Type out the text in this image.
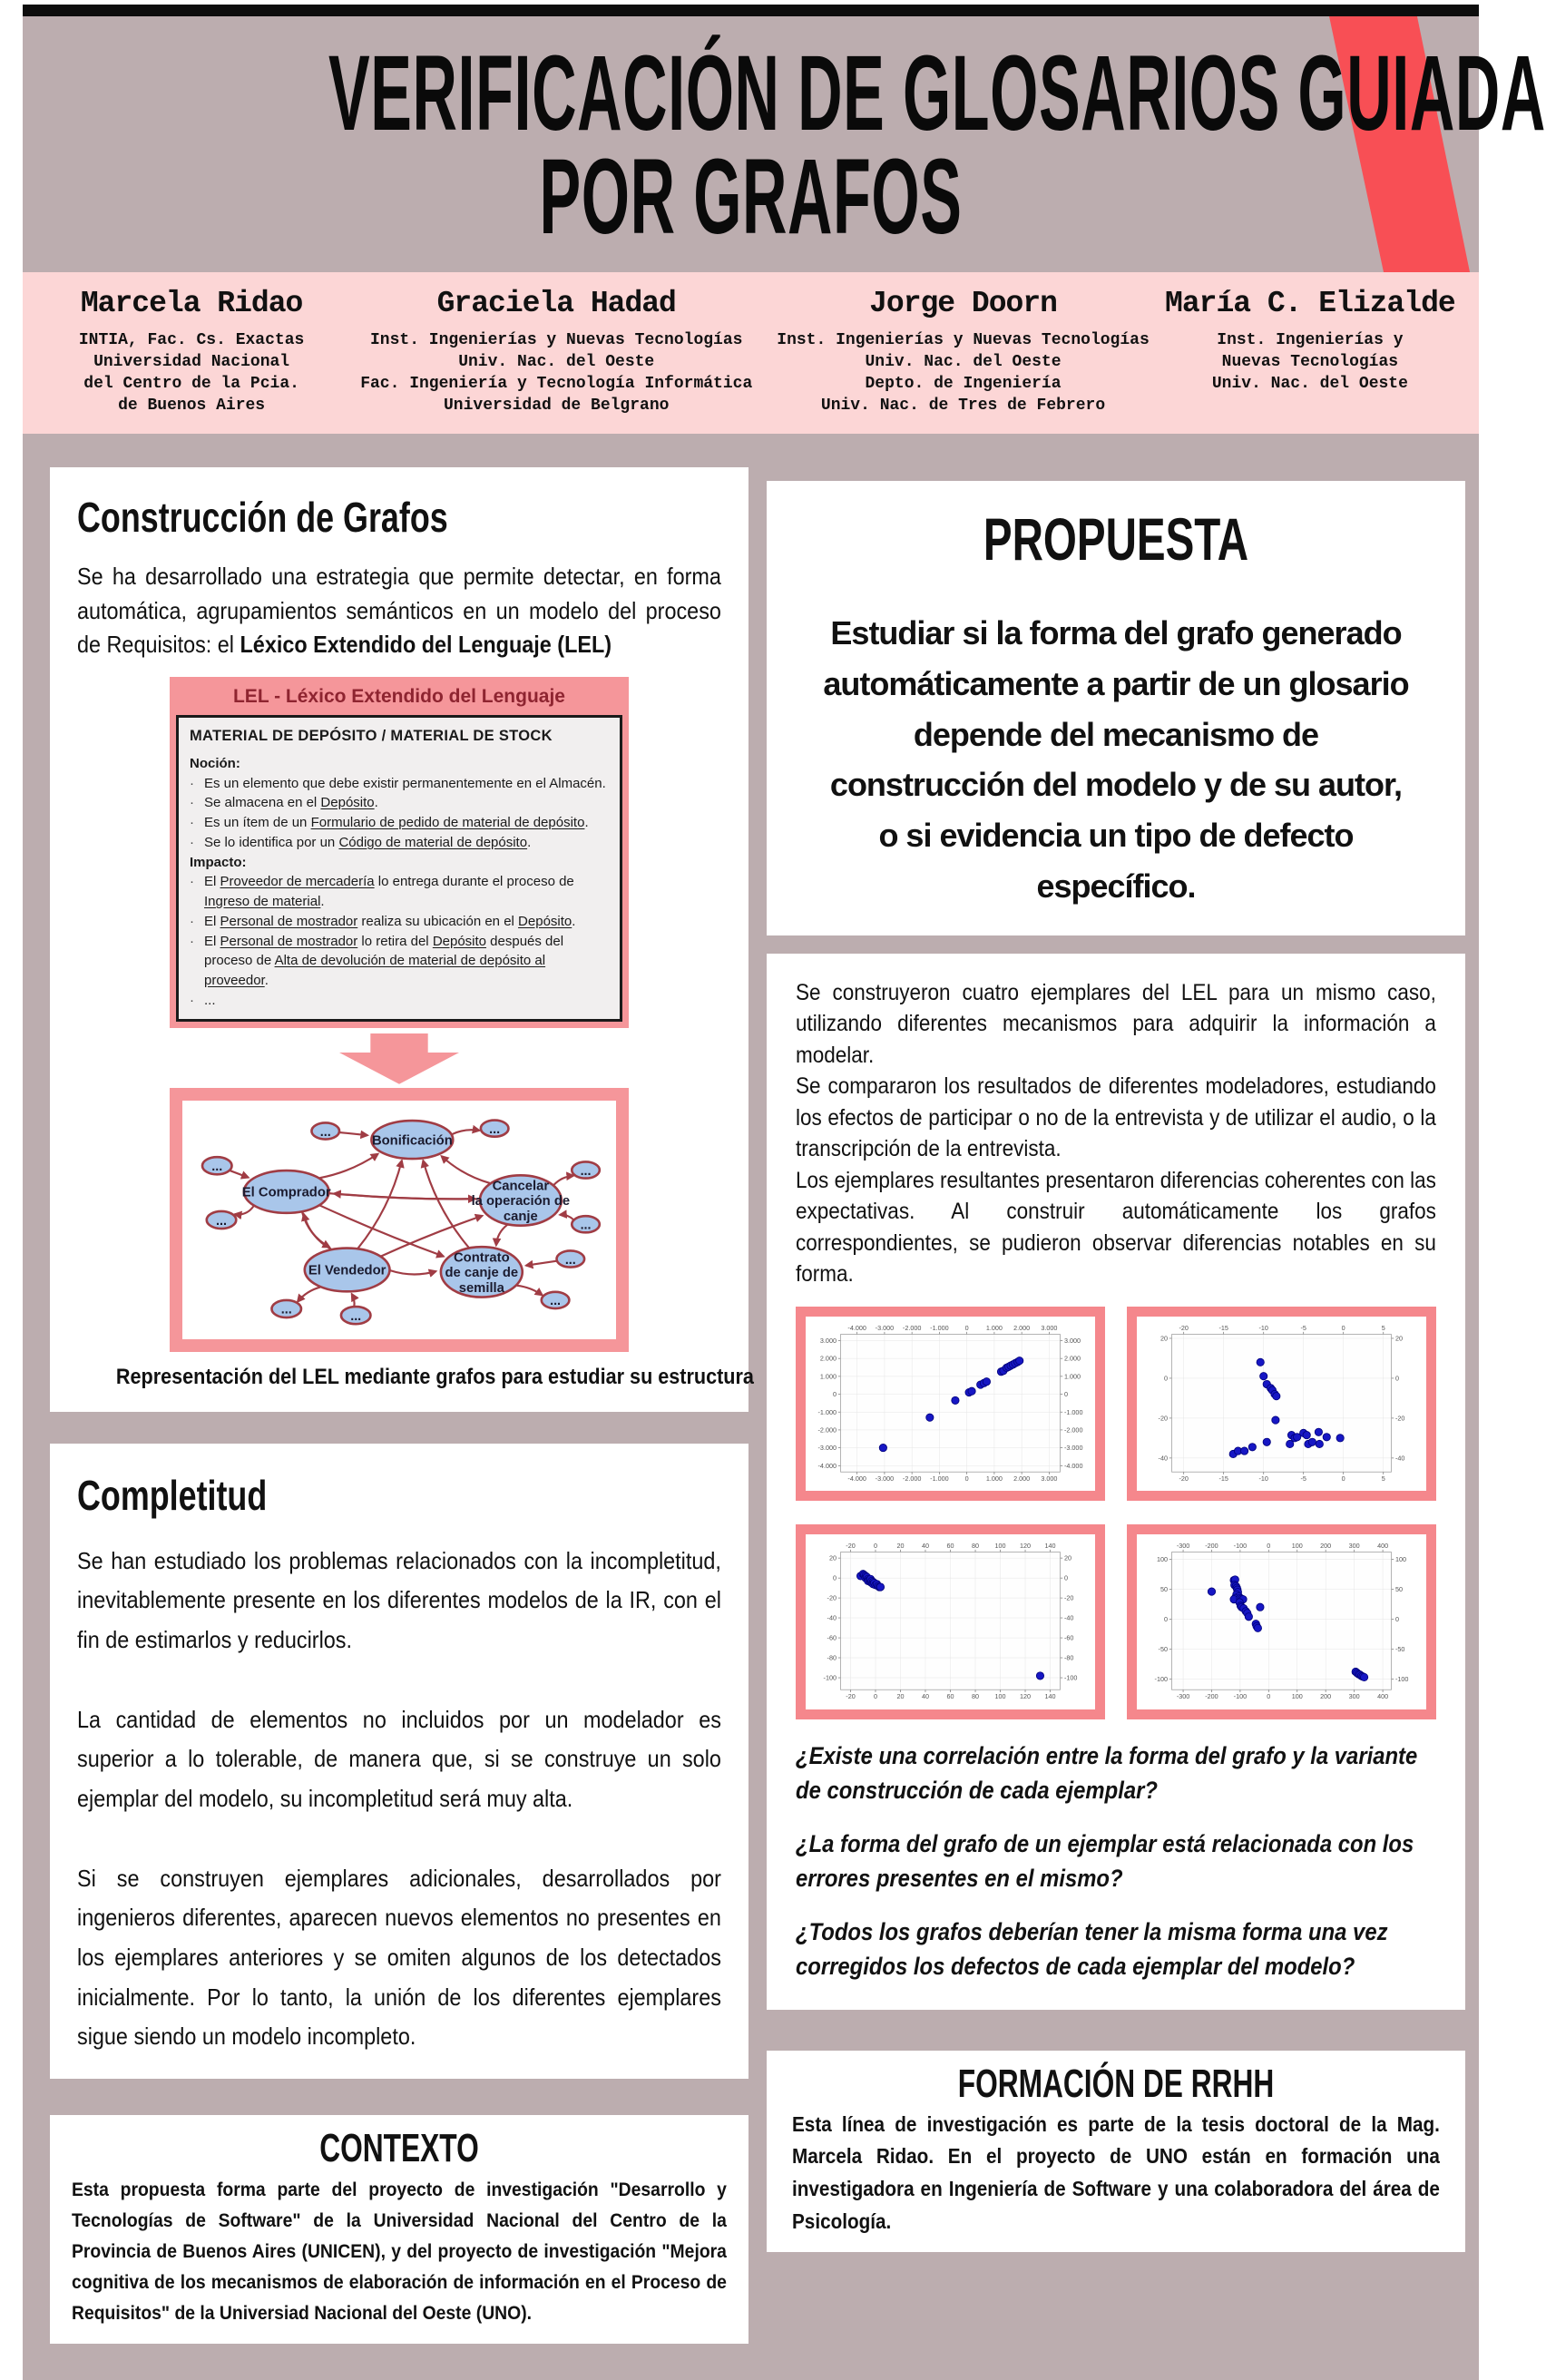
VERIFICACIÓN DE GLOSARIOS GUIADA
POR GRAFOS
Marcela Ridao
INTIA, Fac. Cs. Exactas
Universidad Nacional
del Centro de la Pcia.
de Buenos Aires
Graciela Hadad
Inst. Ingenierías y Nuevas Tecnologías
Univ. Nac. del Oeste
Fac. Ingeniería y Tecnología Informática
Universidad de Belgrano
Jorge Doorn
Inst. Ingenierías y Nuevas Tecnologías
Univ. Nac. del Oeste
Depto. de Ingeniería
Univ. Nac. de Tres de Febrero
María C. Elizalde
Inst. Ingenierías y
Nuevas Tecnologías
Univ. Nac. del Oeste
Construcción de Grafos

Se ha desarrollado una estrategia que permite detectar, en forma automática, agrupamientos semánticos en un modelo del proceso de Requisitos: el Léxico Extendido del Lenguaje (LEL)

LEL - Léxico Extendido del Lenguaje
MATERIAL DE DEPÓSITO / MATERIAL DE STOCK
Noción:
· Es un elemento que debe existir permanentemente en el Almacén.
· Se almacena en el Depósito.
· Es un ítem de un Formulario de pedido de material de depósito.
· Se lo identifica por un Código de material de depósito.
Impacto:
· El Proveedor de mercadería lo entrega durante el proceso de Ingreso de material.
· El Personal de mostrador realiza su ubicación en el Depósito.
· El Personal de mostrador lo retira del Depósito después del proceso de Alta de devolución de material de depósito al proveedor.
· ...
Bonificación
El Comprador	Cancelar la operación de canje
El Vendedor
Contrato de canje de semilla
...	...
...
...
...
...
...
...
...	...
Representación del LEL mediante grafos para estudiar su estructura
Completitud

Se han estudiado los problemas relacionados con la incompletitud, inevitablemente presente en los diferentes modelos de la IR, con el fin de estimarlos y reducirlos.

La cantidad de elementos no incluidos por un modelador es superior a lo tolerable, de manera que, si se construye un solo ejemplar del modelo, su incompletitud será muy alta.

Si se construyen ejemplares adicionales, desarrollados por ingenieros diferentes, aparecen nuevos elementos no presentes en los ejemplares anteriores y se omiten algunos de los detectados inicialmente. Por lo tanto, la unión de los diferentes ejemplares sigue siendo un modelo incompleto.

CONTEXTO

Esta propuesta forma parte del proyecto de investigación "Desarrollo y Tecnologías de Software" de la Universidad Nacional del Centro de la Provincia de Buenos Aires (UNICEN), y del proyecto de investigación "Mejora cognitiva de los mecanismos de elaboración de información en el Proceso de Requisitos" de la Universiad Nacional del Oeste (UNO).

PROPUESTA

Estudiar si la forma del grafo generado automáticamente a partir de un glosario depende del mecanismo de construcción del modelo y de su autor, o si evidencia un tipo de defecto específico.

Se construyeron cuatro ejemplares del LEL para un mismo caso, utilizando diferentes mecanismos para adquirir la información a modelar.

Se compararon los resultados de diferentes modeladores, estudiando los efectos de participar o no de la entrevista y de utilizar el audio, o la transcripción de la entrevista.

Los ejemplares resultantes presentaron diferencias coherentes con las expectativas. Al construir automáticamente los grafos correspondientes, se pudieron observar diferencias notables en su forma.

-4.000
-4.000
-3.000
-3.000
-2.000
-2.000
-1.000
-1.000
0
0
1.000
1.000
2.000
2.000
3.000
3.000
3.000	3.000
2.000	2.000
1.000	1.000
0	0
-1.000	-1.000
-2.000	-2.000
-3.000	-3.000
-4.000	-4.000
-20
-20
-15
-15
-10
-10
-5
-5
0
0
5
5
20	20
0	0
-20	-20
-40	-40
-20
-20
0
0
20
20
40
40
60
60
80
80
100
100
120
120
140
140
20	20
0	0
-20	-20
-40	-40
-60	-60
-80	-80
-100	-100
-300
-300
-200
-200
-100
-100
0
0
100
100
200
200
300
300
400
400
100	100
50	50
0	0
-50	-50
-100	-100

¿Existe una correlación entre la forma del grafo y la variante de construcción de cada ejemplar?

¿La forma del grafo de un ejemplar está relacionada con los errores presentes en el mismo?

¿Todos los grafos deberían tener la misma forma una vez corregidos los defectos de cada ejemplar del modelo?

FORMACIÓN DE RRHH

Esta línea de investigación es parte de la tesis doctoral de la Mag. Marcela Ridao. En el proyecto de UNO están en formación una investigadora en Ingeniería de Software y una colaboradora del área de Psicología.
